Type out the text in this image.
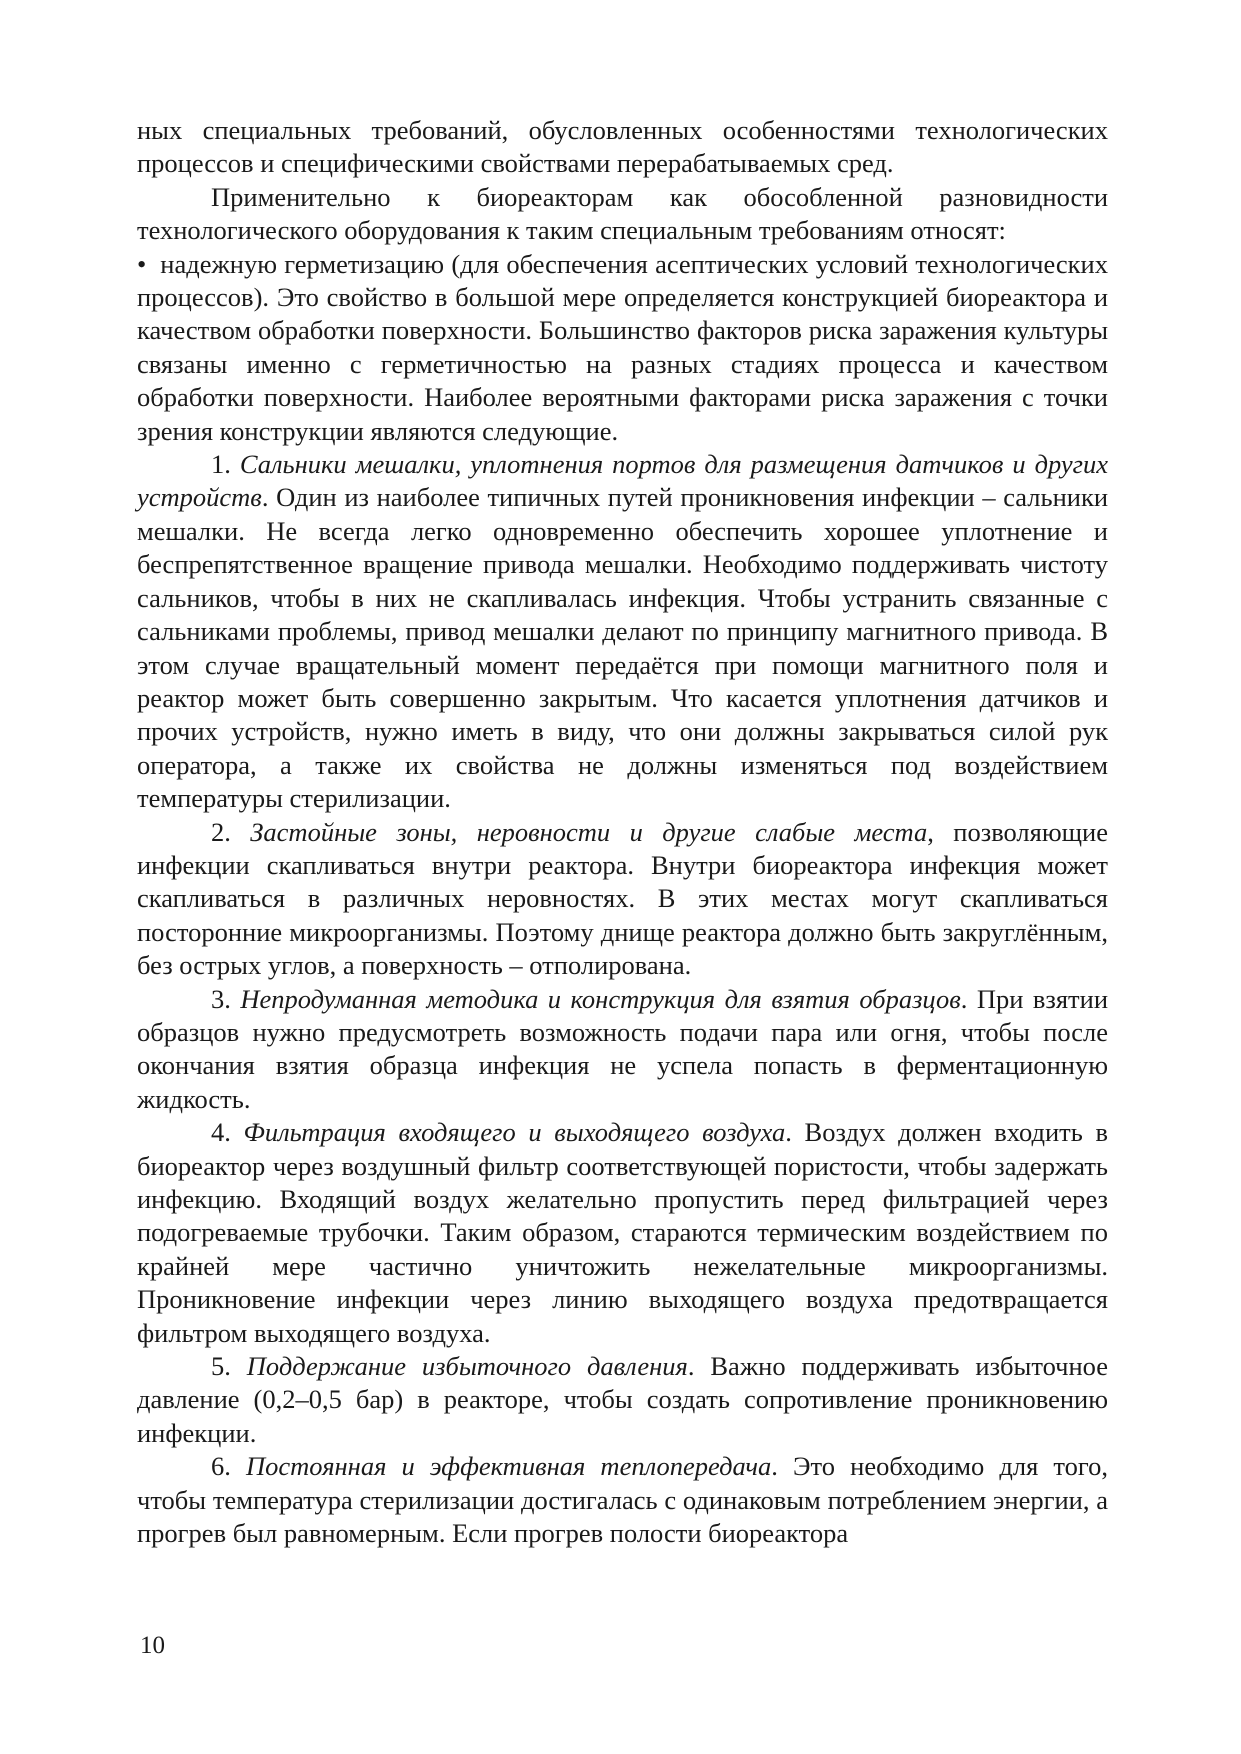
ных специальных требований, обусловленных особенностями технологических процессов и специфическими свойствами перерабатываемых сред.

Применительно к биореакторам как обособленной разновидности технологического оборудования к таким специальным требованиям относят:

• надежную герметизацию (для обеспечения асептических условий технологических процессов). Это свойство в большой мере определяется конструкцией биореактора и качеством обработки поверхности. Большинство факторов риска заражения культуры связаны именно с герметичностью на разных стадиях процесса и качеством обработки поверхности. Наиболее вероятными факторами риска заражения с точки зрения конструкции являются следующие.

1. Сальники мешалки, уплотнения портов для размещения датчиков и других устройств. Один из наиболее типичных путей проникновения инфекции – сальники мешалки. Не всегда легко одновременно обеспечить хорошее уплотнение и беспрепятственное вращение привода мешалки. Необходимо поддерживать чистоту сальников, чтобы в них не скапливалась инфекция. Чтобы устранить связанные с сальниками проблемы, привод мешалки делают по принципу магнитного привода. В этом случае вращательный момент передаётся при помощи магнитного поля и реактор может быть совершенно закрытым. Что касается уплотнения датчиков и прочих устройств, нужно иметь в виду, что они должны закрываться силой рук оператора, а также их свойства не должны изменяться под воздействием температуры стерилизации.

2. Застойные зоны, неровности и другие слабые места, позволяющие инфекции скапливаться внутри реактора. Внутри биореактора инфекция может скапливаться в различных неровностях. В этих местах могут скапливаться посторонние микроорганизмы. Поэтому днище реактора должно быть закруглённым, без острых углов, а поверхность – отполирована.

3. Непродуманная методика и конструкция для взятия образцов. При взятии образцов нужно предусмотреть возможность подачи пара или огня, чтобы после окончания взятия образца инфекция не успела попасть в ферментационную жидкость.

4. Фильтрация входящего и выходящего воздуха. Воздух должен входить в биореактор через воздушный фильтр соответствующей пористости, чтобы задержать инфекцию. Входящий воздух желательно пропустить перед фильтрацией через подогреваемые трубочки. Таким образом, стараются термическим воздействием по крайней мере частично уничтожить нежелательные микроорганизмы. Проникновение инфекции через линию выходящего воздуха предотвращается фильтром выходящего воздуха.

5. Поддержание избыточного давления. Важно поддерживать избыточное давление (0,2–0,5 бар) в реакторе, чтобы создать сопротивление проникновению инфекции.

6. Постоянная и эффективная теплопередача. Это необходимо для того, чтобы температура стерилизации достигалась с одинаковым потреблением энергии, а прогрев был равномерным. Если прогрев полости биореактора

10
